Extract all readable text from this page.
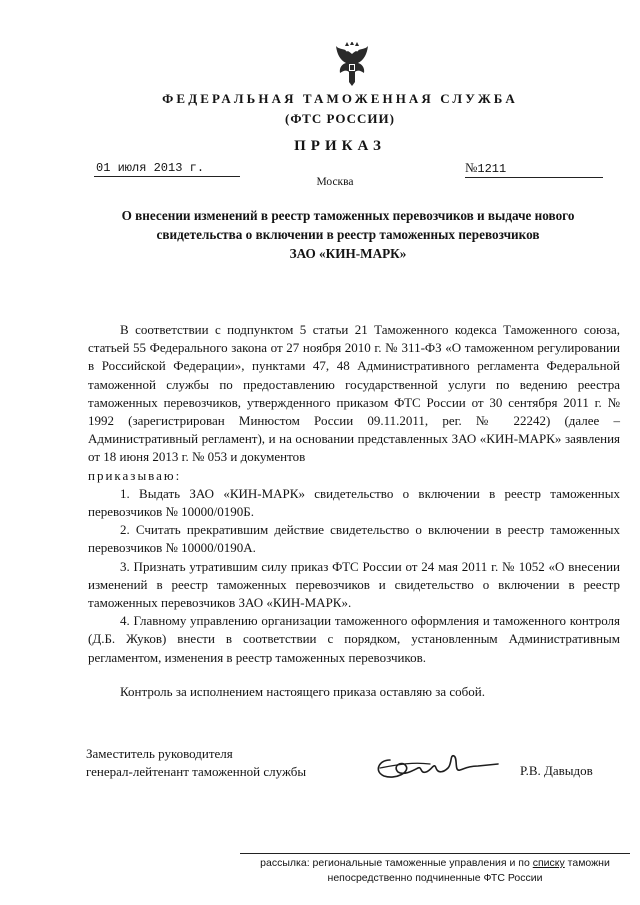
ФЕДЕРАЛЬНАЯ ТАМОЖЕННАЯ СЛУЖБА
(ФТС РОССИИ)
ПРИКАЗ
01 июля 2013 г.	№1211
Москва
О внесении изменений в реестр таможенных перевозчиков и выдаче нового
свидетельства о включении в реестр таможенных перевозчиков
ЗАО «КИН-МАРК»

В соответствии с подпунктом 5 статьи 21 Таможенного кодекса Таможенного союза, статьей 55 Федерального закона от 27 ноября 2010 г. № 311-ФЗ «О таможенном регулировании в Российской Федерации», пунктами 47, 48 Административного регламента Федеральной таможенной службы по предоставлению государственной услуги по ведению реестра таможенных перевозчиков, утвержденного приказом ФТС России от 30 сентября 2011 г. № 1992 (зарегистрирован Минюстом России 09.11.2011, рег. № 22242) (далее – Административный регламент), и на основании представленных ЗАО «КИН-МАРК» заявления от 18 июня 2013 г. № 053 и документов

приказываю:

1. Выдать ЗАО «КИН-МАРК» свидетельство о включении в реестр таможенных перевозчиков № 10000/0190Б.

2. Считать прекратившим действие свидетельство о включении в реестр таможенных перевозчиков № 10000/0190А.

3. Признать утратившим силу приказ ФТС России от 24 мая 2011 г. № 1052 «О внесении изменений в реестр таможенных перевозчиков и свидетельство о включении в реестр таможенных перевозчиков ЗАО «КИН-МАРК».

4. Главному управлению организации таможенного оформления и таможенного контроля (Д.Б. Жуков) внести в соответствии с порядком, установленным Административным регламентом, изменения в реестр таможенных перевозчиков.

Контроль за исполнением настоящего приказа оставляю за собой.

Заместитель руководителя
генерал-лейтенант таможенной службы	Р.В. Давыдов
рассылка: региональные таможенные управления и по списку таможни
непосредственно подчиненные ФТС России
